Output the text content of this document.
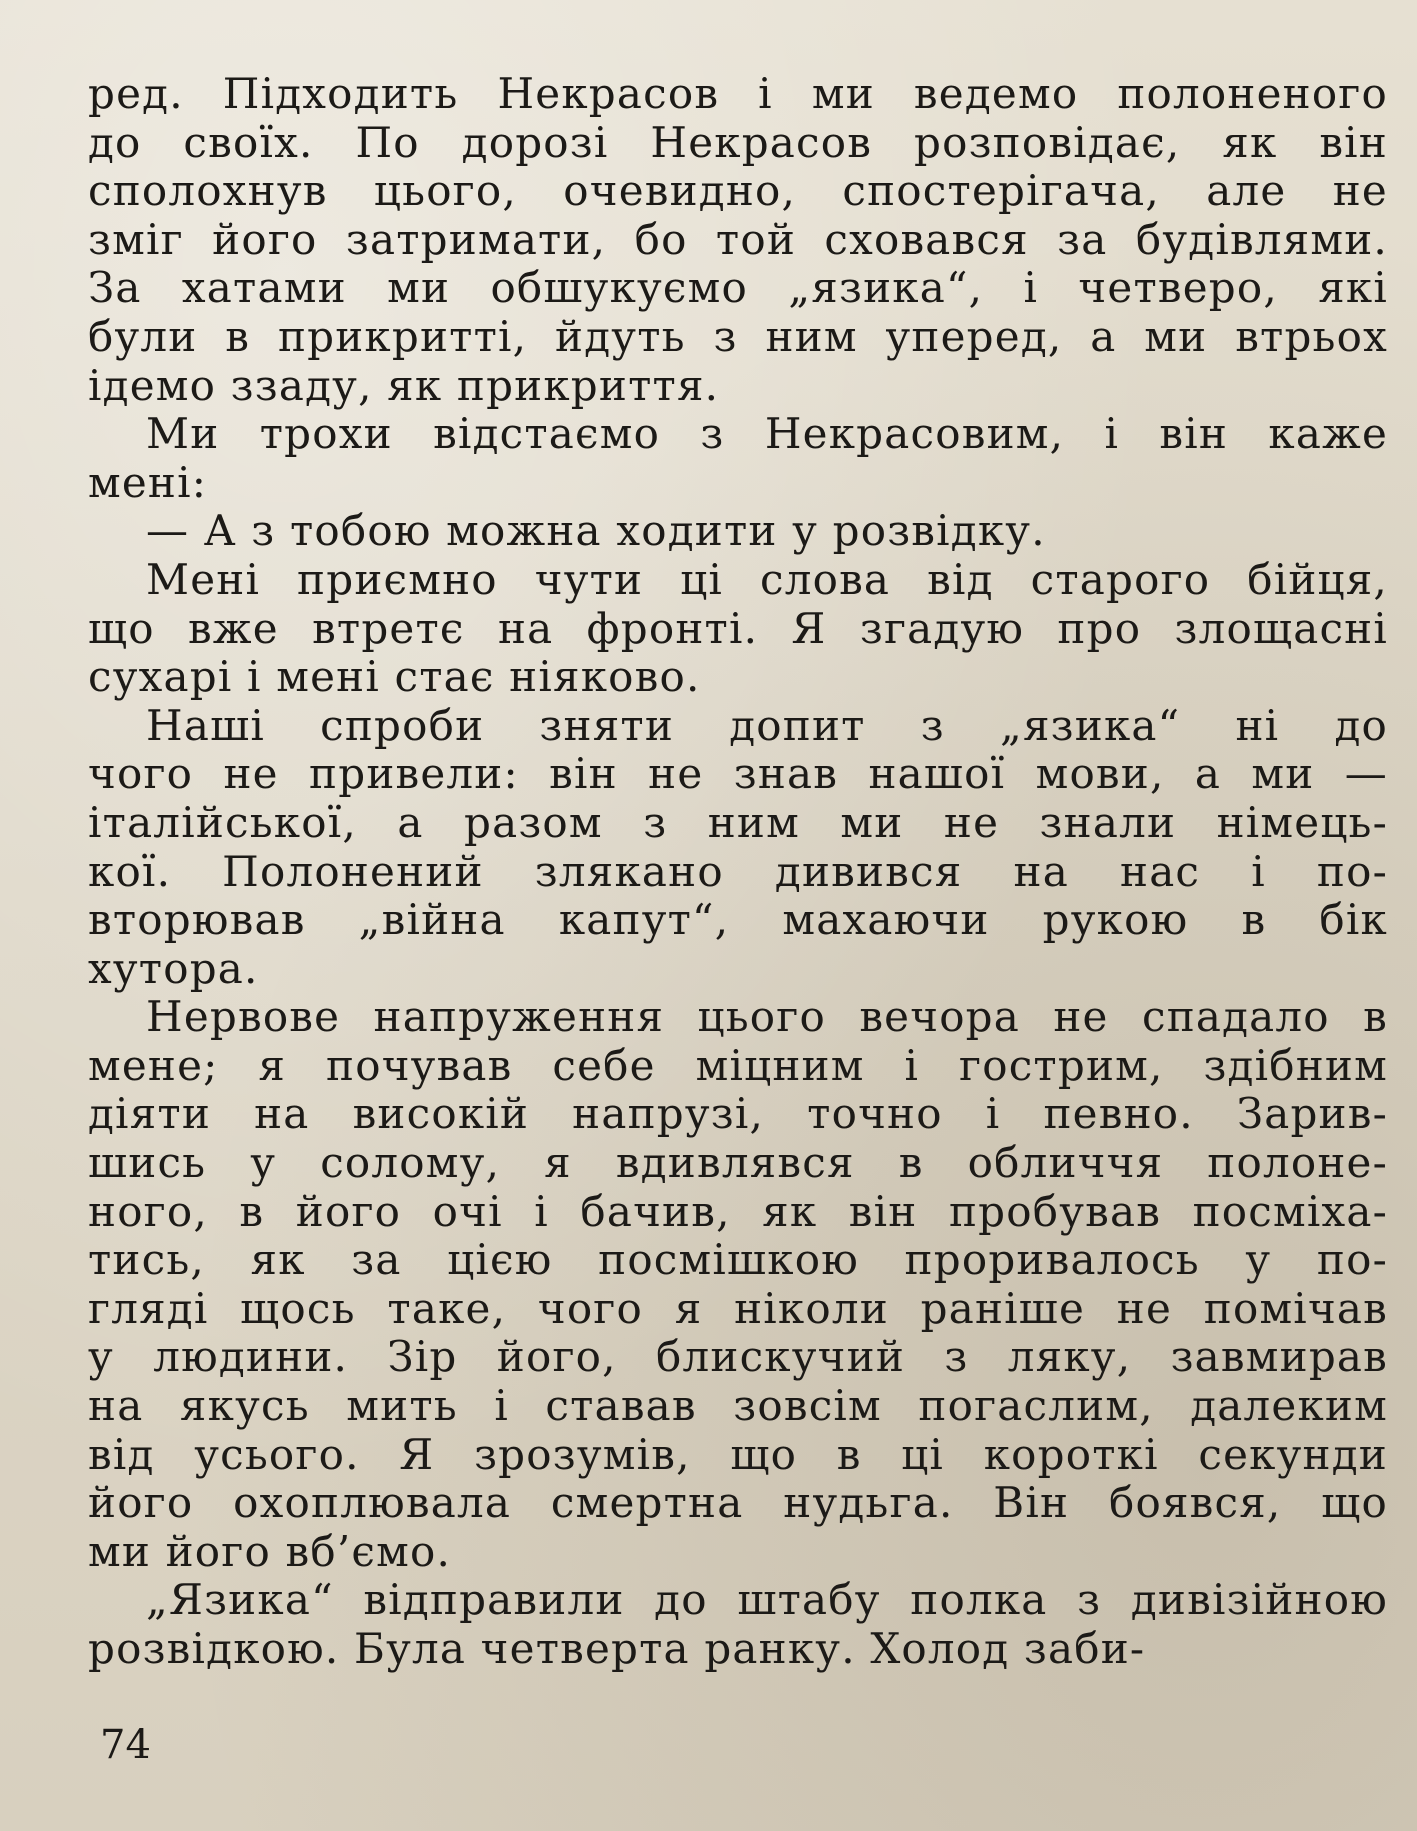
ред. Підходить Некрасов і ми ведемо полоненого
до своїх. По дорозі Некрасов розповідає, як він
сполохнув цього, очевидно, спостерігача, але не
зміг його затримати, бо той сховався за будівлями.
За хатами ми обшукуємо „язика“, і четверо, які
були в прикритті, йдуть з ним уперед, а ми втрьох
ідемо ззаду, як прикриття.
Ми трохи відстаємо з Некрасовим, і він каже
мені:
— А з тобою можна ходити у розвідку.
Мені приємно чути ці слова від старого бійця,
що вже втретє на фронті. Я згадую про злощасні
сухарі і мені стає ніяково.
Наші спроби зняти допит з „язика“ ні до
чого не привели: він не знав нашої мови, а ми —
італійської, а разом з ним ми не знали німець-
кої. Полонений злякано дивився на нас і по-
вторював „війна капут“, махаючи рукою в бік
хутора.
Нервове напруження цього вечора не спадало в
мене; я почував себе міцним і гострим, здібним
діяти на високій напрузі, точно і певно. Зарив-
шись у солому, я вдивлявся в обличчя полоне-
ного, в його очі і бачив, як він пробував посміха-
тись, як за цією посмішкою проривалось у по-
гляді щось таке, чого я ніколи раніше не помічав
у людини. Зір його, блискучий з ляку, завмирав
на якусь мить і ставав зовсім погаслим, далеким
від усього. Я зрозумів, що в ці короткі секунди
його охоплювала смертна нудьга. Він боявся, що
ми його вб’ємо.
„Язика“ відправили до штабу полка з дивізійною
розвідкою. Була четверта ранку. Холод заби-
74
